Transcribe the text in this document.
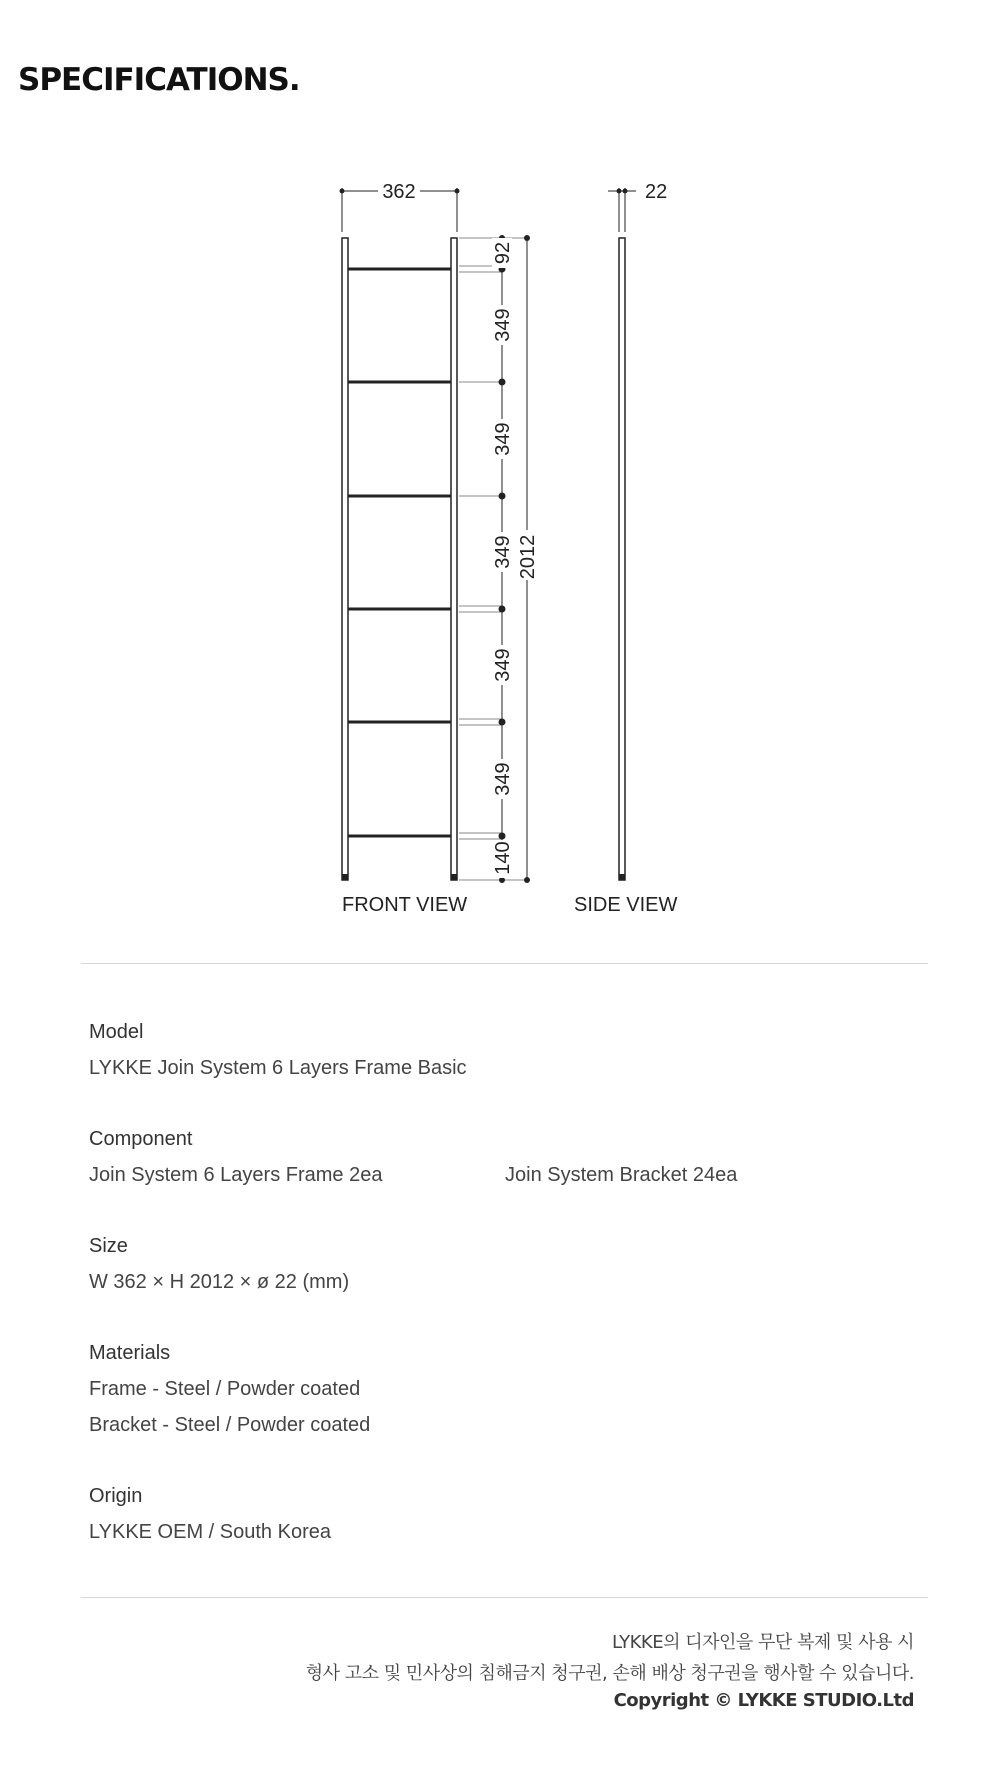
SPECIFICATIONS.
362
92
349
349
349
349
349
140
2012
22
FRONT VIEW	SIDE VIEW
Model
LYKKE Join System 6 Layers Frame Basic
Component
Join System 6 Layers Frame 2ea	Join System Bracket 24ea
Size
W 362 × H 2012 × ø 22 (mm)
Materials
Frame - Steel / Powder coated
Bracket - Steel / Powder coated
Origin
LYKKE OEM / South Korea
LYKKE의 디자인을 무단 복제 및 사용 시
형사 고소 및 민사상의 침해금지 청구권, 손해 배상 청구권을 행사할 수 있습니다.
Copyright © LYKKE STUDIO.Ltd
